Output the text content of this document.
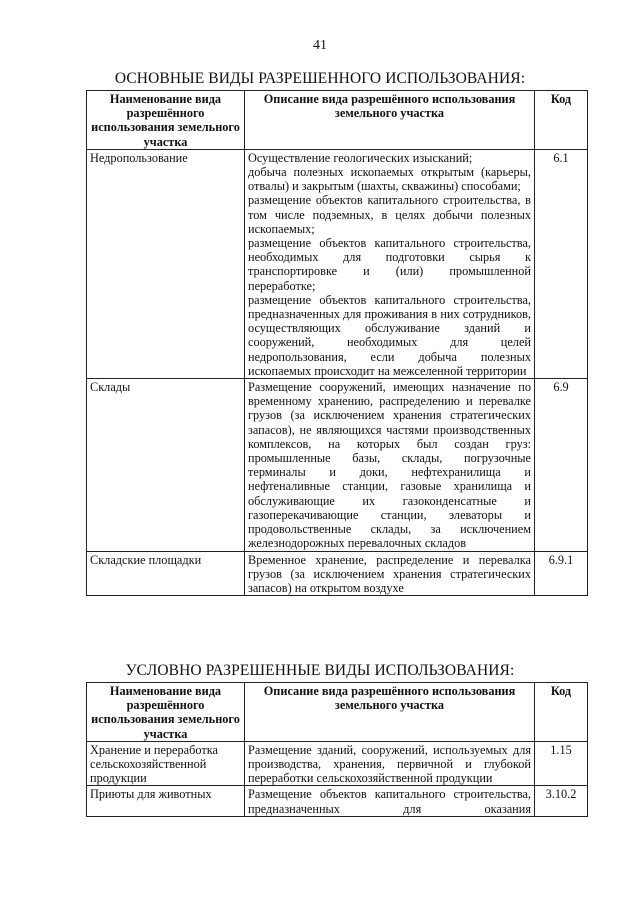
41
ОСНОВНЫЕ ВИДЫ РАЗРЕШЕННОГО ИСПОЛЬЗОВАНИЯ:
Наименование вида разрешённого использования земельного участка	Описание вида разрешённого использования земельного участка	Код
Недропользование	Осуществление геологических изысканий;
добыча полезных ископаемых открытым (карьеры, отвалы) и закрытым (шахты, скважины) способами;
размещение объектов капитального строительства, в том числе подземных, в целях добычи полезных ископаемых;
размещение объектов капитального строительства, необходимых для подготовки сырья к транспортировке и (или) промышленной переработке;
размещение объектов капитального строительства, предназначенных для проживания в них сотрудников, осуществляющих обслуживание зданий и сооружений, необходимых для целей недропользования, если добыча полезных ископаемых происходит на межселенной территории	6.1
Склады	Размещение сооружений, имеющих назначение по временному хранению, распределению и перевалке грузов (за исключением хранения стратегических запасов), не являющихся частями производственных комплексов, на которых был создан груз: промышленные базы, склады, погрузочные терминалы и доки, нефтехранилища и нефтеналивные станции, газовые хранилища и обслуживающие их газоконденсатные и газоперекачивающие станции, элеваторы и продовольственные склады, за исключением железнодорожных перевалочных складов	6.9
Складские площадки	Временное хранение, распределение и перевалка грузов (за исключением хранения стратегических запасов) на открытом воздухе	6.9.1
УСЛОВНО РАЗРЕШЕННЫЕ ВИДЫ ИСПОЛЬЗОВАНИЯ:
Наименование вида разрешённого использования земельного участка	Описание вида разрешённого использования земельного участка	Код
Хранение и переработка сельскохозяйственной продукции	Размещение зданий, сооружений, используемых для производства, хранения, первичной и глубокой переработки сельскохозяйственной продукции	1.15
Приюты для животных	Размещение объектов капитального строительства, предназначенных для оказания	3.10.2
